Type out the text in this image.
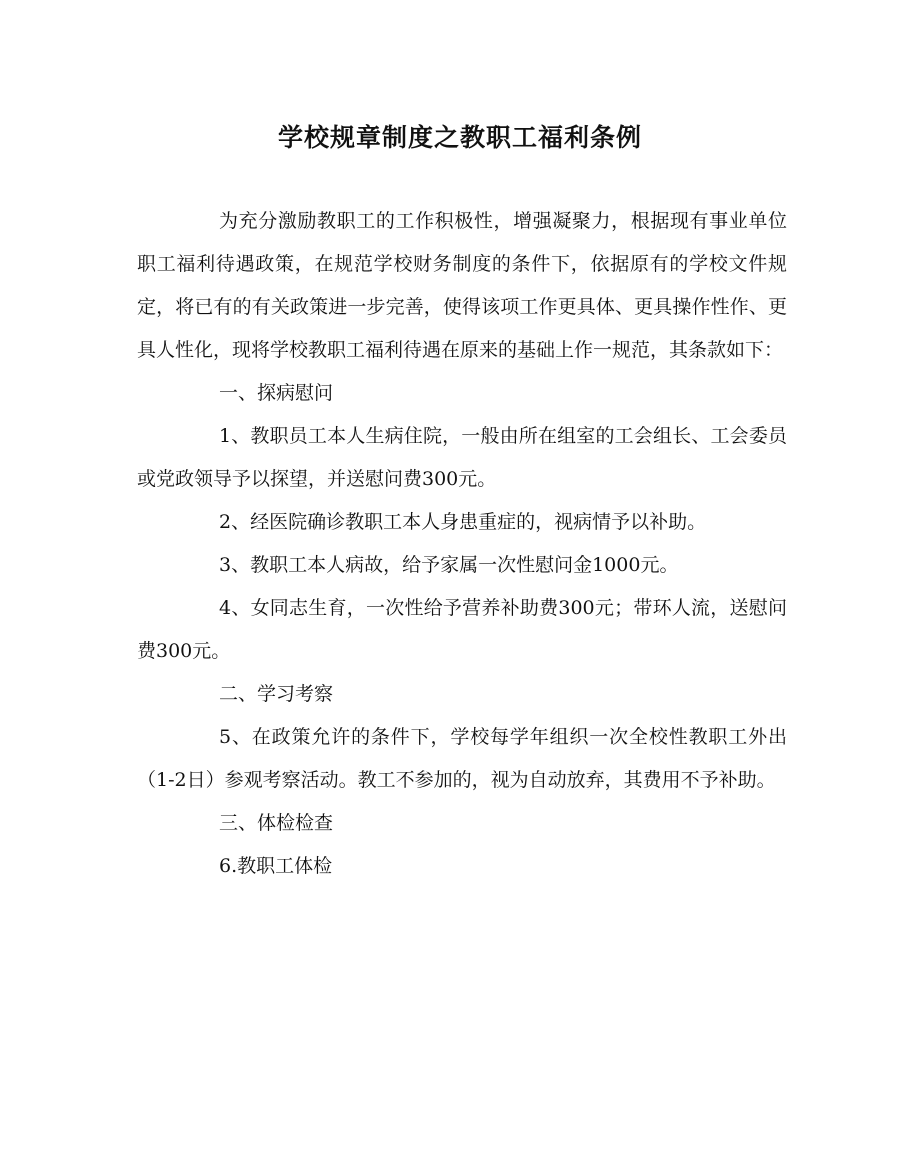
学校规章制度之教职工福利条例

为充分激励教职工的工作积极性，增强凝聚力，根据现有事业单位职工福利待遇政策，在规范学校财务制度的条件下，依据原有的学校文件规定，将已有的有关政策进一步完善，使得该项工作更具体、更具操作性作、更具人性化，现将学校教职工福利待遇在原来的基础上作一规范，其条款如下：

一、探病慰问

1、教职员工本人生病住院，一般由所在组室的工会组长、工会委员或党政领导予以探望，并送慰问费300元。

2、经医院确诊教职工本人身患重症的，视病情予以补助。

3、教职工本人病故，给予家属一次性慰问金1000元。

4、女同志生育，一次性给予营养补助费300元；带环人流，送慰问费300元。

二、学习考察

5、在政策允许的条件下，学校每学年组织一次全校性教职工外出（1-2日）参观考察活动。教工不参加的，视为自动放弃，其费用不予补助。

三、体检检查

6.教职工体检
